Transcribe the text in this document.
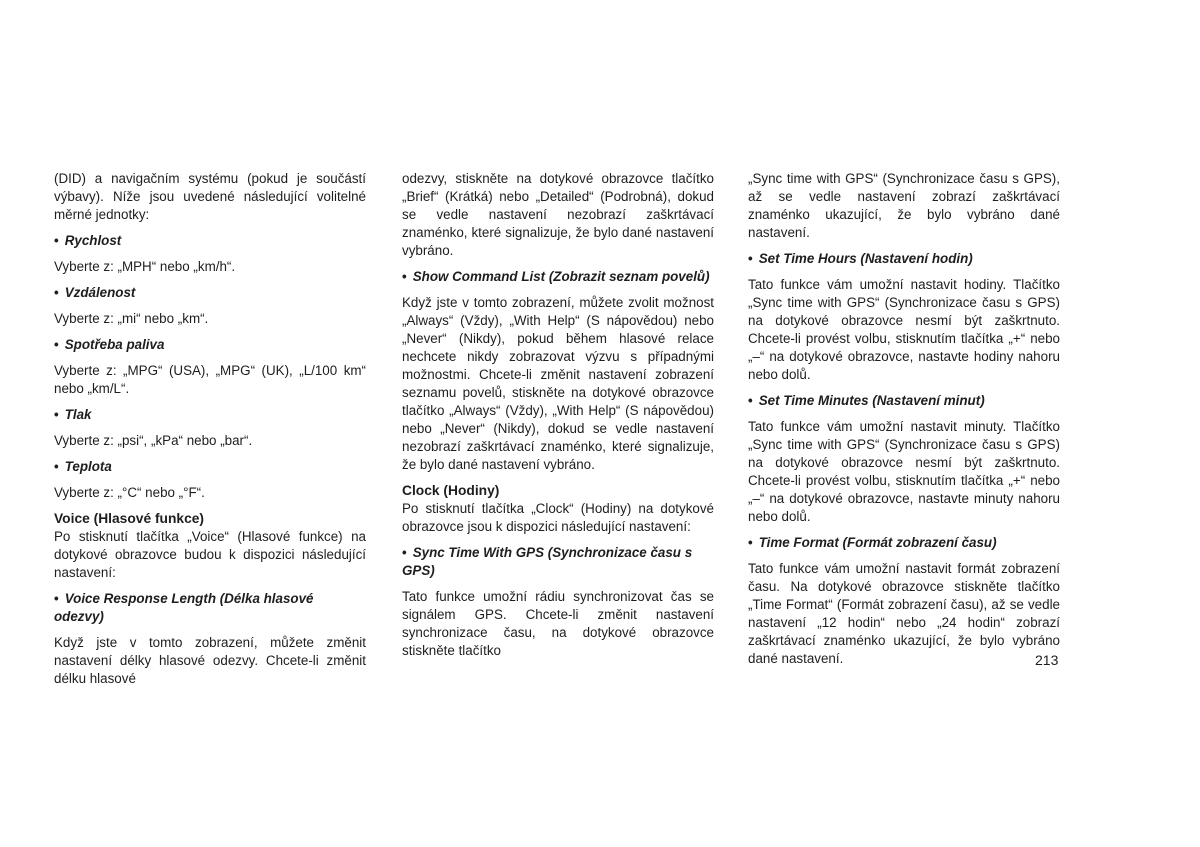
(DID) a navigačním systému (pokud je součástí výbavy). Níže jsou uvedené následující volitelné měrné jednotky:

• Rychlost

Vyberte z: „MPH“ nebo „km/h“.

• Vzdálenost

Vyberte z: „mi“ nebo „km“.

• Spotřeba paliva

Vyberte z: „MPG“ (USA), „MPG“ (UK), „L/100 km“ nebo „km/L“.

• Tlak

Vyberte z: „psi“, „kPa“ nebo „bar“.

• Teplota

Vyberte z: „°C“ nebo „°F“.

Voice (Hlasové funkce)

Po stisknutí tlačítka „Voice“ (Hlasové funkce) na dotykové obrazovce budou k dispozici následující nastavení:

• Voice Response Length (Délka hlasové odezvy)

Když jste v tomto zobrazení, můžete změnit nastavení délky hlasové odezvy. Chcete-li změnit délku hlasové

odezvy, stiskněte na dotykové obrazovce tlačítko „Brief“ (Krátká) nebo „Detailed“ (Podrobná), dokud se vedle nastavení nezobrazí zaškrtávací znaménko, které signalizuje, že bylo dané nastavení vybráno.

• Show Command List (Zobrazit seznam povelů)

Když jste v tomto zobrazení, můžete zvolit možnost „Always“ (Vždy), „With Help“ (S nápovědou) nebo „Never“ (Nikdy), pokud během hlasové relace nechcete nikdy zobrazovat výzvu s případnými možnostmi. Chcete-li změnit nastavení zobrazení seznamu povelů, stiskněte na dotykové obrazovce tlačítko „Always“ (Vždy), „With Help“ (S nápovědou) nebo „Never“ (Nikdy), dokud se vedle nastavení nezobrazí zaškrtávací znaménko, které signalizuje, že bylo dané nastavení vybráno.

Clock (Hodiny)

Po stisknutí tlačítka „Clock“ (Hodiny) na dotykové obrazovce jsou k dispozici následující nastavení:

• Sync Time With GPS (Synchronizace času s GPS)

Tato funkce umožní rádiu synchronizovat čas se signálem GPS. Chcete-li změnit nastavení synchronizace času, na dotykové obrazovce stiskněte tlačítko

„Sync time with GPS“ (Synchronizace času s GPS), až se vedle nastavení zobrazí zaškrtávací znaménko ukazující, že bylo vybráno dané nastavení.

• Set Time Hours (Nastavení hodin)

Tato funkce vám umožní nastavit hodiny. Tlačítko „Sync time with GPS“ (Synchronizace času s GPS) na dotykové obrazovce nesmí být zaškrtnuto. Chcete-li provést volbu, stisknutím tlačítka „+“ nebo „–“ na dotykové obrazovce, nastavte hodiny nahoru nebo dolů.

• Set Time Minutes (Nastavení minut)

Tato funkce vám umožní nastavit minuty. Tlačítko „Sync time with GPS“ (Synchronizace času s GPS) na dotykové obrazovce nesmí být zaškrtnuto. Chcete-li provést volbu, stisknutím tlačítka „+“ nebo „–“ na dotykové obrazovce, nastavte minuty nahoru nebo dolů.

• Time Format (Formát zobrazení času)

Tato funkce vám umožní nastavit formát zobrazení času. Na dotykové obrazovce stiskněte tlačítko „Time Format“ (Formát zobrazení času), až se vedle nastavení „12 hodin“ nebo „24 hodin“ zobrazí zaškrtávací znaménko ukazující, že bylo vybráno dané nastavení.	213
